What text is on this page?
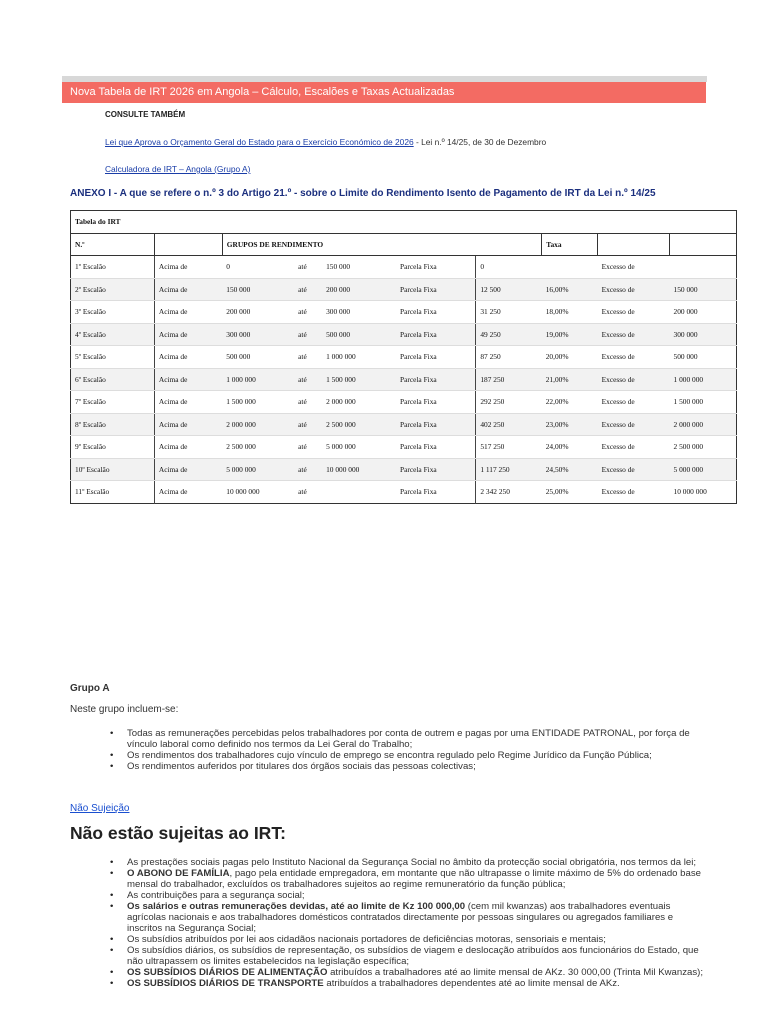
Nova Tabela de IRT 2026 em Angola – Cálculo, Escalões e Taxas Actualizadas
CONSULTE TAMBÉM
Lei que Aprova o Orçamento Geral do Estado para o Exercício Económico de 2026 - Lei n.º 14/25, de 30 de Dezembro
Calculadora de IRT – Angola (Grupo A)
ANEXO I - A que se refere o n.º 3 do Artigo 21.º - sobre o Limite do Rendimento Isento de Pagamento de IRT da Lei n.º 14/25
Tabela do IRT									
N.º		GRUPOS DE RENDIMENTO					Taxa		
1º Escalão	Acima de	0	até	150 000	Parcela Fixa	0		Excesso de	
2º Escalão	Acima de	150 000	até	200 000	Parcela Fixa	12 500	16,00%	Excesso de	150 000
3º Escalão	Acima de	200 000	até	300 000	Parcela Fixa	31 250	18,00%	Excesso de	200 000
4º Escalão	Acima de	300 000	até	500 000	Parcela Fixa	49 250	19,00%	Excesso de	300 000
5º Escalão	Acima de	500 000	até	1 000 000	Parcela Fixa	87 250	20,00%	Excesso de	500 000
6º Escalão	Acima de	1 000 000	até	1 500 000	Parcela Fixa	187 250	21,00%	Excesso de	1 000 000
7º Escalão	Acima de	1 500 000	até	2 000 000	Parcela Fixa	292 250	22,00%	Excesso de	1 500 000
8º Escalão	Acima de	2 000 000	até	2 500 000	Parcela Fixa	402 250	23,00%	Excesso de	2 000 000
9º Escalão	Acima de	2 500 000	até	5 000 000	Parcela Fixa	517 250	24,00%	Excesso de	2 500 000
10º Escalão	Acima de	5 000 000	até	10 000 000	Parcela Fixa	1 117 250	24,50%	Excesso de	5 000 000
11º Escalão	Acima de	10 000 000	até		Parcela Fixa	2 342 250	25,00%	Excesso de	10 000 000
Grupo A
Neste grupo incluem-se:
• Todas as remunerações percebidas pelos trabalhadores por conta de outrem e pagas por uma ENTIDADE PATRONAL, por força de vínculo laboral como definido nos termos da Lei Geral do Trabalho;
• Os rendimentos dos trabalhadores cujo vínculo de emprego se encontra regulado pelo Regime Jurídico da Função Pública;
• Os rendimentos auferidos por titulares dos órgãos sociais das pessoas colectivas;
Não Sujeição
Não estão sujeitas ao IRT:
• As prestações sociais pagas pelo Instituto Nacional da Segurança Social no âmbito da protecção social obrigatória, nos termos da lei;
• O ABONO DE FAMÍLIA, pago pela entidade empregadora, em montante que não ultrapasse o limite máximo de 5% do ordenado base mensal do trabalhador, excluídos os trabalhadores sujeitos ao regime remuneratório da função pública;
• As contribuições para a segurança social;
• Os salários e outras remunerações devidas, até ao limite de Kz 100 000,00 (cem mil kwanzas) aos trabalhadores eventuais agrícolas nacionais e aos trabalhadores domésticos contratados directamente por pessoas singulares ou agregados familiares e inscritos na Segurança Social;
• Os subsídios atribuídos por lei aos cidadãos nacionais portadores de deficiências motoras, sensoriais e mentais;
• Os subsídios diários, os subsídios de representação, os subsídios de viagem e deslocação atribuídos aos funcionários do Estado, que não ultrapassem os limites estabelecidos na legislação específica;
• OS SUBSÍDIOS DIÁRIOS DE ALIMENTAÇÃO atribuídos a trabalhadores até ao limite mensal de AKz. 30 000,00 (Trinta Mil Kwanzas);
• OS SUBSÍDIOS DIÁRIOS DE TRANSPORTE atribuídos a trabalhadores dependentes até ao limite mensal de AKz.
